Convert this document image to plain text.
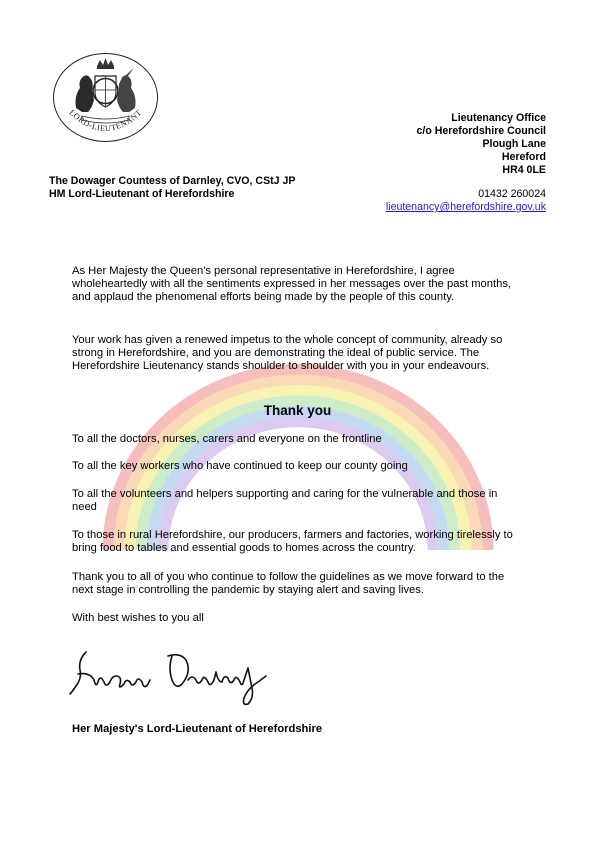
LORD-LIEUTENANT	Lieutenancy Office
c/o Herefordshire Council
Plough Lane
Hereford
HR4 0LE
The Dowager Countess of Darnley, CVO, CStJ JP
HM Lord-Lieutenant of Herefordshire	01432 260024
lieutenancy@herefordshire.gov.uk

As Her Majesty the Queen's personal representative in Herefordshire, I agree wholeheartedly with all the sentiments expressed in her messages over the past months, and applaud the phenomenal efforts being made by the people of this county.

Your work has given a renewed impetus to the whole concept of community, already so strong in Herefordshire, and you are demonstrating the ideal of public service. The Herefordshire Lieutenancy stands shoulder to shoulder with you in your endeavours.

Thank you

To all the doctors, nurses, carers and everyone on the frontline

To all the key workers who have continued to keep our county going

To all the volunteers and helpers supporting and caring for the vulnerable and those in need

To those in rural Herefordshire, our producers, farmers and factories, working tirelessly to bring food to tables and essential goods to homes across the country.

Thank you to all of you who continue to follow the guidelines as we move forward to the next stage in controlling the pandemic by staying alert and saving lives.

With best wishes to you all

Her Majesty's Lord-Lieutenant of Herefordshire
